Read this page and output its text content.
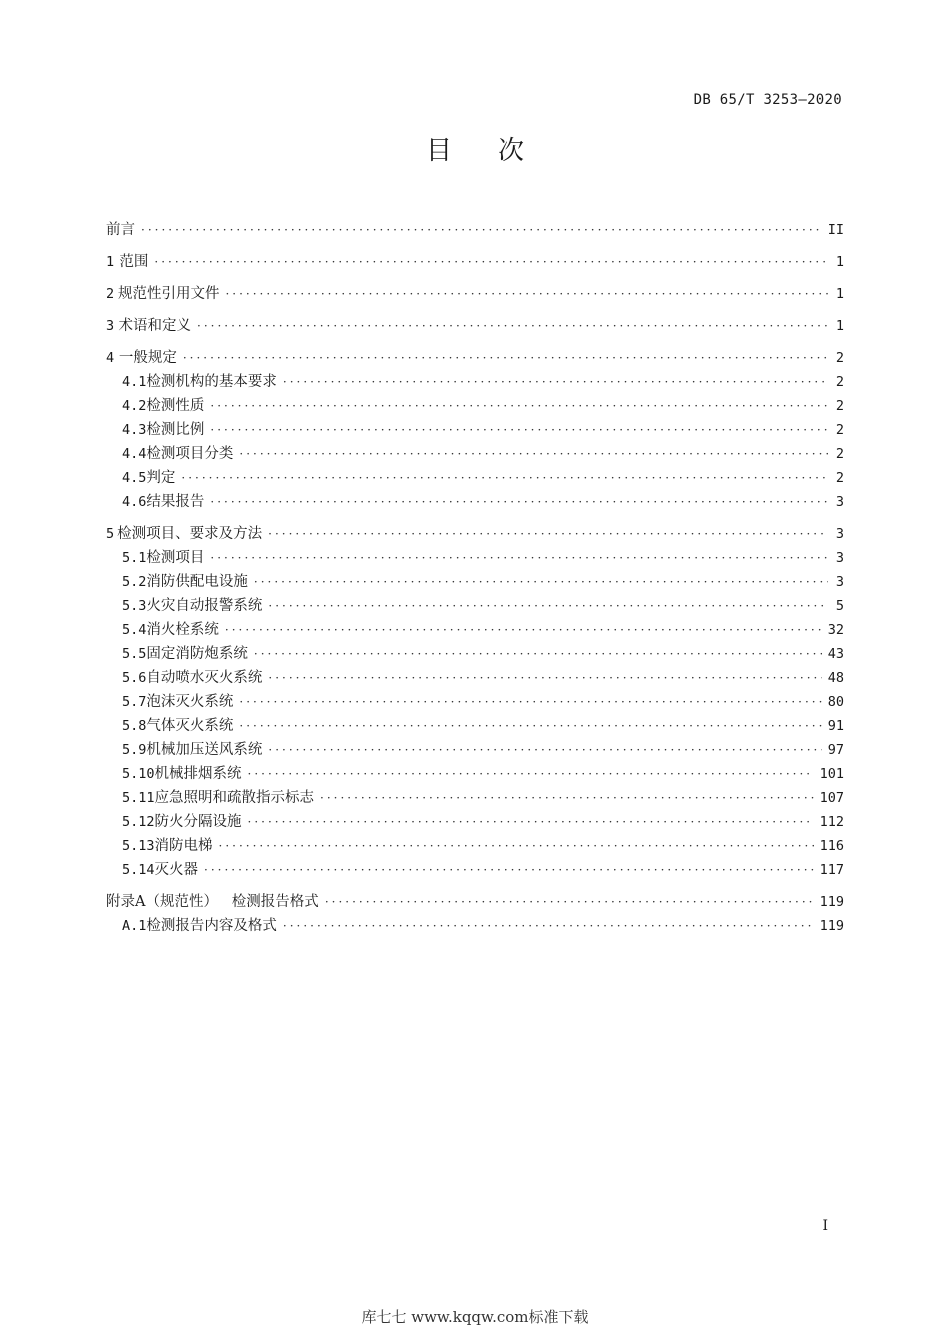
DB 65/T 3253—2020
目次
前言 ·····	II
1 范围 ·····	1
2 规范性引用文件 ·····	1
3 术语和定义 ·····	1
4 一般规定 ·····	2
4.1 检测机构的基本要求 ·····	2
4.2 检测性质 ·····	2
4.3 检测比例 ·····	2
4.4 检测项目分类 ·····	2
4.5 判定 ·····	2
4.6 结果报告 ·····	3
5 检测项目、要求及方法 ·····	3
5.1 检测项目 ·····	3
5.2 消防供配电设施 ·····	3
5.3 火灾自动报警系统 ·····	5
5.4 消火栓系统 ·····	32
5.5 固定消防炮系统 ·····	43
5.6 自动喷水灭火系统 ·····	48
5.7 泡沫灭火系统 ·····	80
5.8 气体灭火系统 ·····	91
5.9 机械加压送风系统 ·····	97
5.10 机械排烟系统 ·····	101
5.11 应急照明和疏散指示标志 ·····	107
5.12 防火分隔设施 ·····	112
5.13 消防电梯 ·····	116
5.14 灭火器 ·····	117
附录A（规范性）   检测报告格式 ·····	119
A.1 检测报告内容及格式 ·····	119
I
库七七 www.kqqw.com标准下载
